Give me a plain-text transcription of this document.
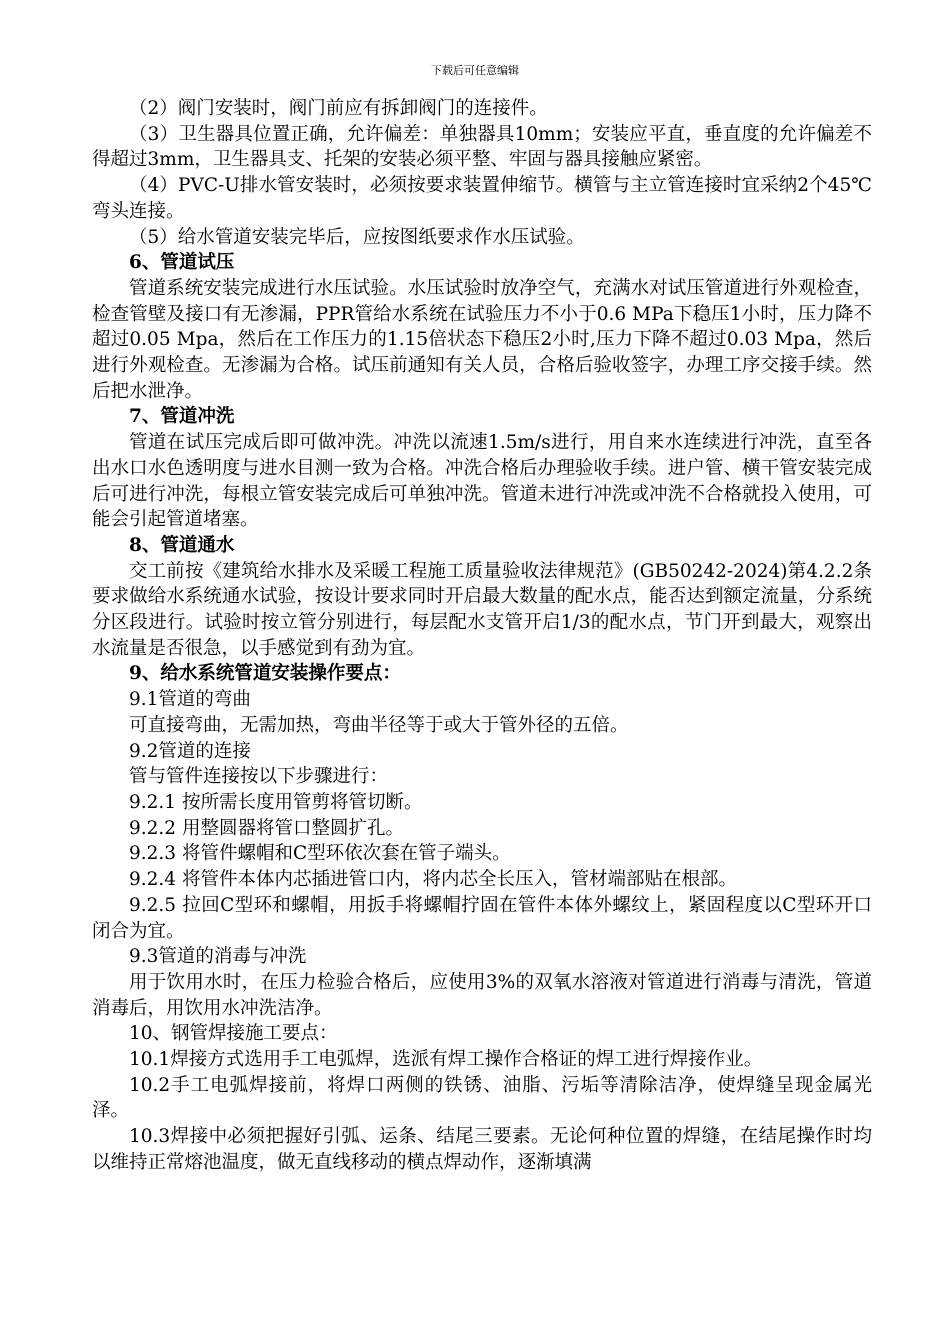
下载后可任意编辑

（2）阀门安装时，阀门前应有拆卸阀门的连接件。

（3）卫生器具位置正确，允许偏差：单独器具10mm；安装应平直，垂直度的允许偏差不得超过3mm，卫生器具支、托架的安装必须平整、牢固与器具接触应紧密。

（4）PVC-U排水管安装时，必须按要求装置伸缩节。横管与主立管连接时宜采纳2个45℃弯头连接。

（5）给水管道安装完毕后，应按图纸要求作水压试验。

6、管道试压

管道系统安装完成进行水压试验。水压试验时放净空气，充满水对试压管道进行外观检查，检查管壁及接口有无渗漏，PPR管给水系统在试验压力不小于0.6 MPa下稳压1小时，压力降不超过0.05 Mpa，然后在工作压力的1.15倍状态下稳压2小时,压力下降不超过0.03 Mpa，然后进行外观检查。无渗漏为合格。试压前通知有关人员，合格后验收签字，办理工序交接手续。然后把水泄净。

7、管道冲洗

管道在试压完成后即可做冲洗。冲洗以流速1.5m/s进行，用自来水连续进行冲洗，直至各出水口水色透明度与进水目测一致为合格。冲洗合格后办理验收手续。进户管、横干管安装完成后可进行冲洗，每根立管安装完成后可单独冲洗。管道未进行冲洗或冲洗不合格就投入使用，可能会引起管道堵塞。

8、管道通水

交工前按《建筑给水排水及采暖工程施工质量验收法律规范》(GB50242-2024)第4.2.2条要求做给水系统通水试验，按设计要求同时开启最大数量的配水点，能否达到额定流量，分系统分区段进行。试验时按立管分别进行，每层配水支管开启1/3的配水点，节门开到最大，观察出水流量是否很急，以手感觉到有劲为宜。

9、给水系统管道安装操作要点：

9.1管道的弯曲

可直接弯曲，无需加热，弯曲半径等于或大于管外径的五倍。

9.2管道的连接

管与管件连接按以下步骤进行：

9.2.1 按所需长度用管剪将管切断。

9.2.2 用整圆器将管口整圆扩孔。

9.2.3 将管件螺帽和C型环依次套在管子端头。

9.2.4 将管件本体内芯插进管口内，将内芯全长压入，管材端部贴在根部。

9.2.5 拉回C型环和螺帽，用扳手将螺帽拧固在管件本体外螺纹上，紧固程度以C型环开口闭合为宜。

9.3管道的消毒与冲洗

用于饮用水时，在压力检验合格后，应使用3%的双氧水溶液对管道进行消毒与清洗，管道消毒后，用饮用水冲洗洁净。

10、钢管焊接施工要点：

10.1焊接方式选用手工电弧焊，选派有焊工操作合格证的焊工进行焊接作业。

10.2手工电弧焊接前，将焊口两侧的铁锈、油脂、污垢等清除洁净，使焊缝呈现金属光泽。

10.3焊接中必须把握好引弧、运条、结尾三要素。无论何种位置的焊缝，在结尾操作时均以维持正常熔池温度，做无直线移动的横点焊动作，逐渐填满
